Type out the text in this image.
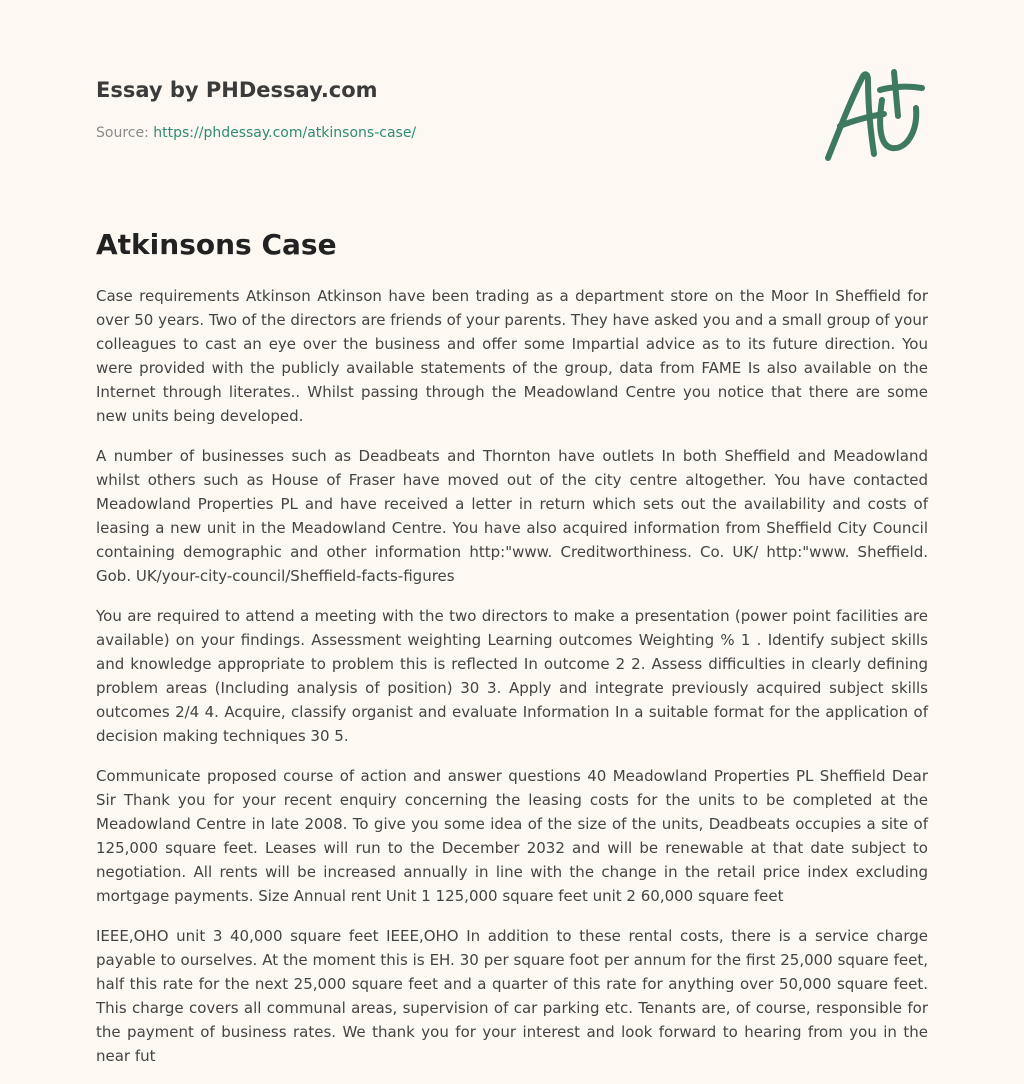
Essay by PHDessay.com
Source: https://phdessay.com/atkinsons-case/
Atkinsons Case

Case requirements Atkinson Atkinson have been trading as a department store on the Moor In Sheffield for over 50 years. Two of the directors are friends of your parents. They have asked you and a small group of your colleagues to cast an eye over the business and offer some Impartial advice as to its future direction. You were provided with the publicly available statements of the group, data from FAME Is also available on the Internet through literates.. Whilst passing through the Meadowland Centre you notice that there are some new units being developed.

A number of businesses such as Deadbeats and Thornton have outlets In both Sheffield and Meadowland whilst others such as House of Fraser have moved out of the city centre altogether. You have contacted Meadowland Properties PL and have received a letter in return which sets out the availability and costs of leasing a new unit in the Meadowland Centre. You have also acquired information from Sheffield City Council containing demographic and other information http:"www. Creditworthiness. Co. UK/ http:"www. Sheffield. Gob. UK/your-city-council/Sheffield-facts-figures

You are required to attend a meeting with the two directors to make a presentation (power point facilities are available) on your findings. Assessment weighting Learning outcomes Weighting % 1 . Identify subject skills and knowledge appropriate to problem this is reflected In outcome 2 2. Assess difficulties in clearly defining problem areas (Including analysis of position) 30 3. Apply and integrate previously acquired subject skills outcomes 2/4 4. Acquire, classify organist and evaluate Information In a suitable format for the application of decision making techniques 30 5.

Communicate proposed course of action and answer questions 40 Meadowland Properties PL Sheffield Dear Sir Thank you for your recent enquiry concerning the leasing costs for the units to be completed at the Meadowland Centre in late 2008. To give you some idea of the size of the units, Deadbeats occupies a site of 125,000 square feet. Leases will run to the December 2032 and will be renewable at that date subject to negotiation. All rents will be increased annually in line with the change in the retail price index excluding mortgage payments. Size Annual rent Unit 1 125,000 square feet unit 2 60,000 square feet

IEEE,OHO unit 3 40,000 square feet IEEE,OHO In addition to these rental costs, there is a service charge payable to ourselves. At the moment this is EH. 30 per square foot per annum for the first 25,000 square feet, half this rate for the next 25,000 square feet and a quarter of this rate for anything over 50,000 square feet. This charge covers all communal areas, supervision of car parking etc. Tenants are, of course, responsible for the payment of business rates. We thank you for your interest and look forward to hearing from you in the near fut
